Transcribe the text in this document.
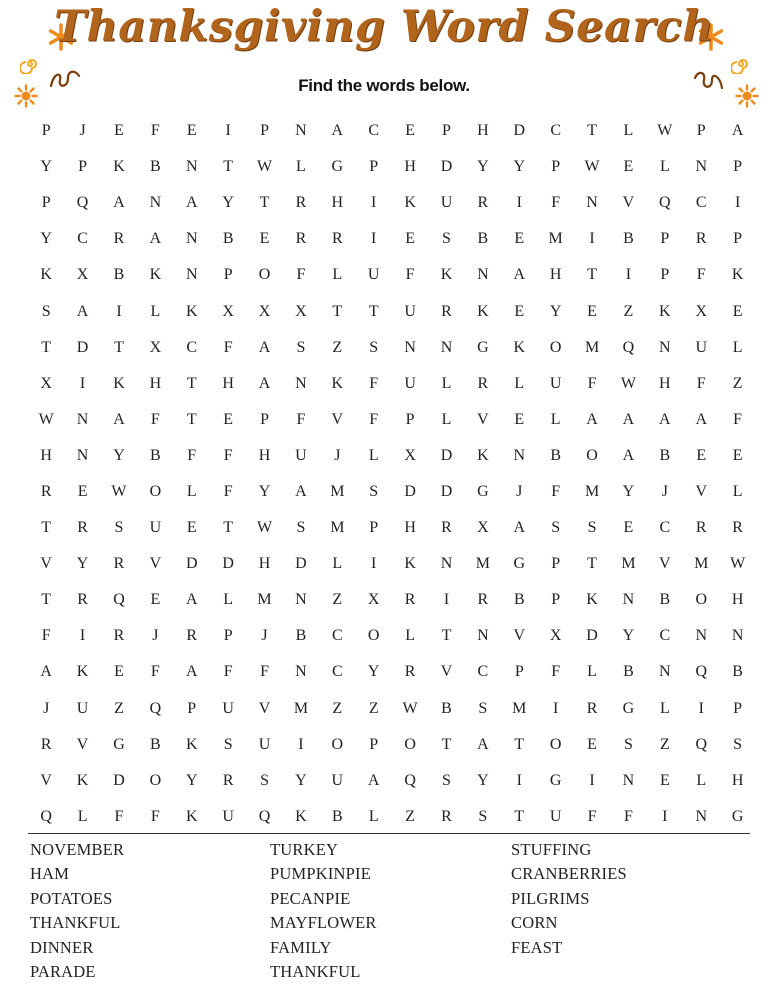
Thanksgiving Word Search
Find the words below.
P	J	E	F	E	I	P	N	A	C	E	P	H	D	C	T	L	W	P	A
Y	P	K	B	N	T	W	L	G	P	H	D	Y	Y	P	W	E	L	N	P
P	Q	A	N	A	Y	T	R	H	I	K	U	R	I	F	N	V	Q	C	I
Y	C	R	A	N	B	E	R	R	I	E	S	B	E	M	I	B	P	R	P
K	X	B	K	N	P	O	F	L	U	F	K	N	A	H	T	I	P	F	K
S	A	I	L	K	X	X	X	T	T	U	R	K	E	Y	E	Z	K	X	E
T	D	T	X	C	F	A	S	Z	S	N	N	G	K	O	M	Q	N	U	L
X	I	K	H	T	H	A	N	K	F	U	L	R	L	U	F	W	H	F	Z
W	N	A	F	T	E	P	F	V	F	P	L	V	E	L	A	A	A	A	F
H	N	Y	B	F	F	H	U	J	L	X	D	K	N	B	O	A	B	E	E
R	E	W	O	L	F	Y	A	M	S	D	D	G	J	F	M	Y	J	V	L
T	R	S	U	E	T	W	S	M	P	H	R	X	A	S	S	E	C	R	R
V	Y	R	V	D	D	H	D	L	I	K	N	M	G	P	T	M	V	M	W
T	R	Q	E	A	L	M	N	Z	X	R	I	R	B	P	K	N	B	O	H
F	I	R	J	R	P	J	B	C	O	L	T	N	V	X	D	Y	C	N	N
A	K	E	F	A	F	F	N	C	Y	R	V	C	P	F	L	B	N	Q	B
J	U	Z	Q	P	U	V	M	Z	Z	W	B	S	M	I	R	G	L	I	P
R	V	G	B	K	S	U	I	O	P	O	T	A	T	O	E	S	Z	Q	S
V	K	D	O	Y	R	S	Y	U	A	Q	S	Y	I	G	I	N	E	L	H
Q	L	F	F	K	U	Q	K	B	L	Z	R	S	T	U	F	F	I	N	G
NOVEMBER
HAM
POTATOES
THANKFUL
DINNER
PARADE
TURKEY
PUMPKINPIE
PECANPIE
MAYFLOWER
FAMILY
THANKFUL
STUFFING
CRANBERRIES
PILGRIMS
CORN
FEAST
